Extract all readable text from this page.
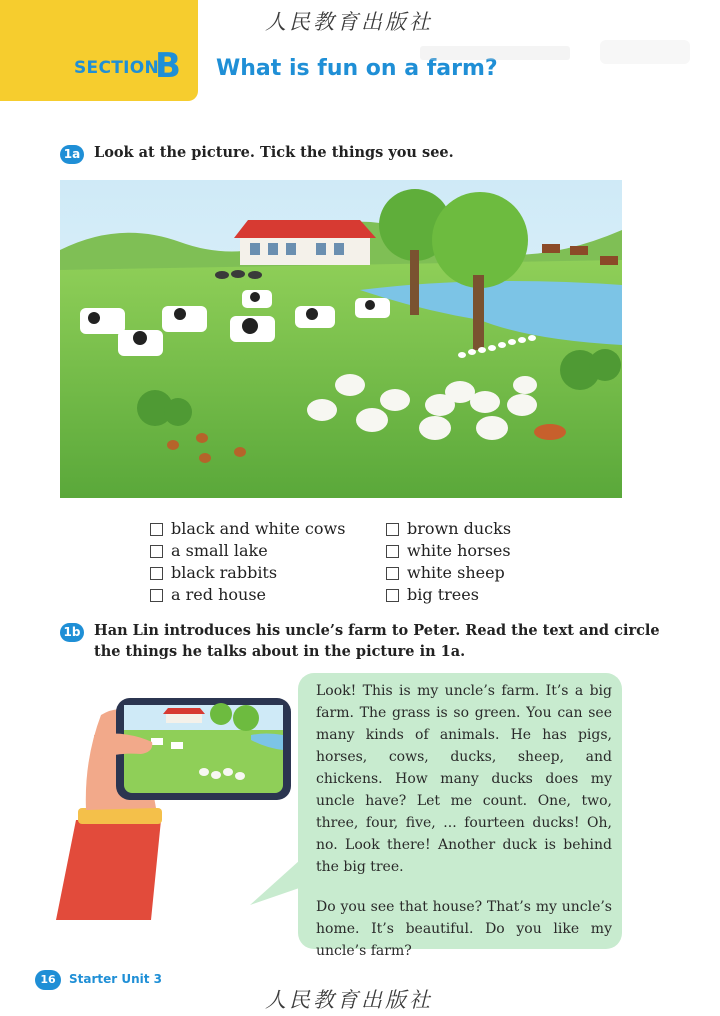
SECTION
B What is fun on a farm?
人民教育出版社
1a Look at the picture. Tick the things you see.
black and white cows
a small lake
black rabbits
a red house
brown ducks
white horses
white sheep
big trees
1b Han Lin introduces his uncle’s farm to Peter. Read the text and circle
the things he talks about in the picture in 1a.

Look! This is my uncle’s farm. It’s a big farm. The grass is so green. You can see many kinds of animals. He has pigs, horses, cows, ducks, sheep, and chickens. How many ducks does my uncle have? Let me count. One, two, three, four, five, ... fourteen ducks! Oh, no. Look there! Another duck is behind the big tree.

Do you see that house? That’s my uncle’s home. It’s beautiful. Do you like my uncle’s farm?

16	Starter Unit 3
人民教育出版社
